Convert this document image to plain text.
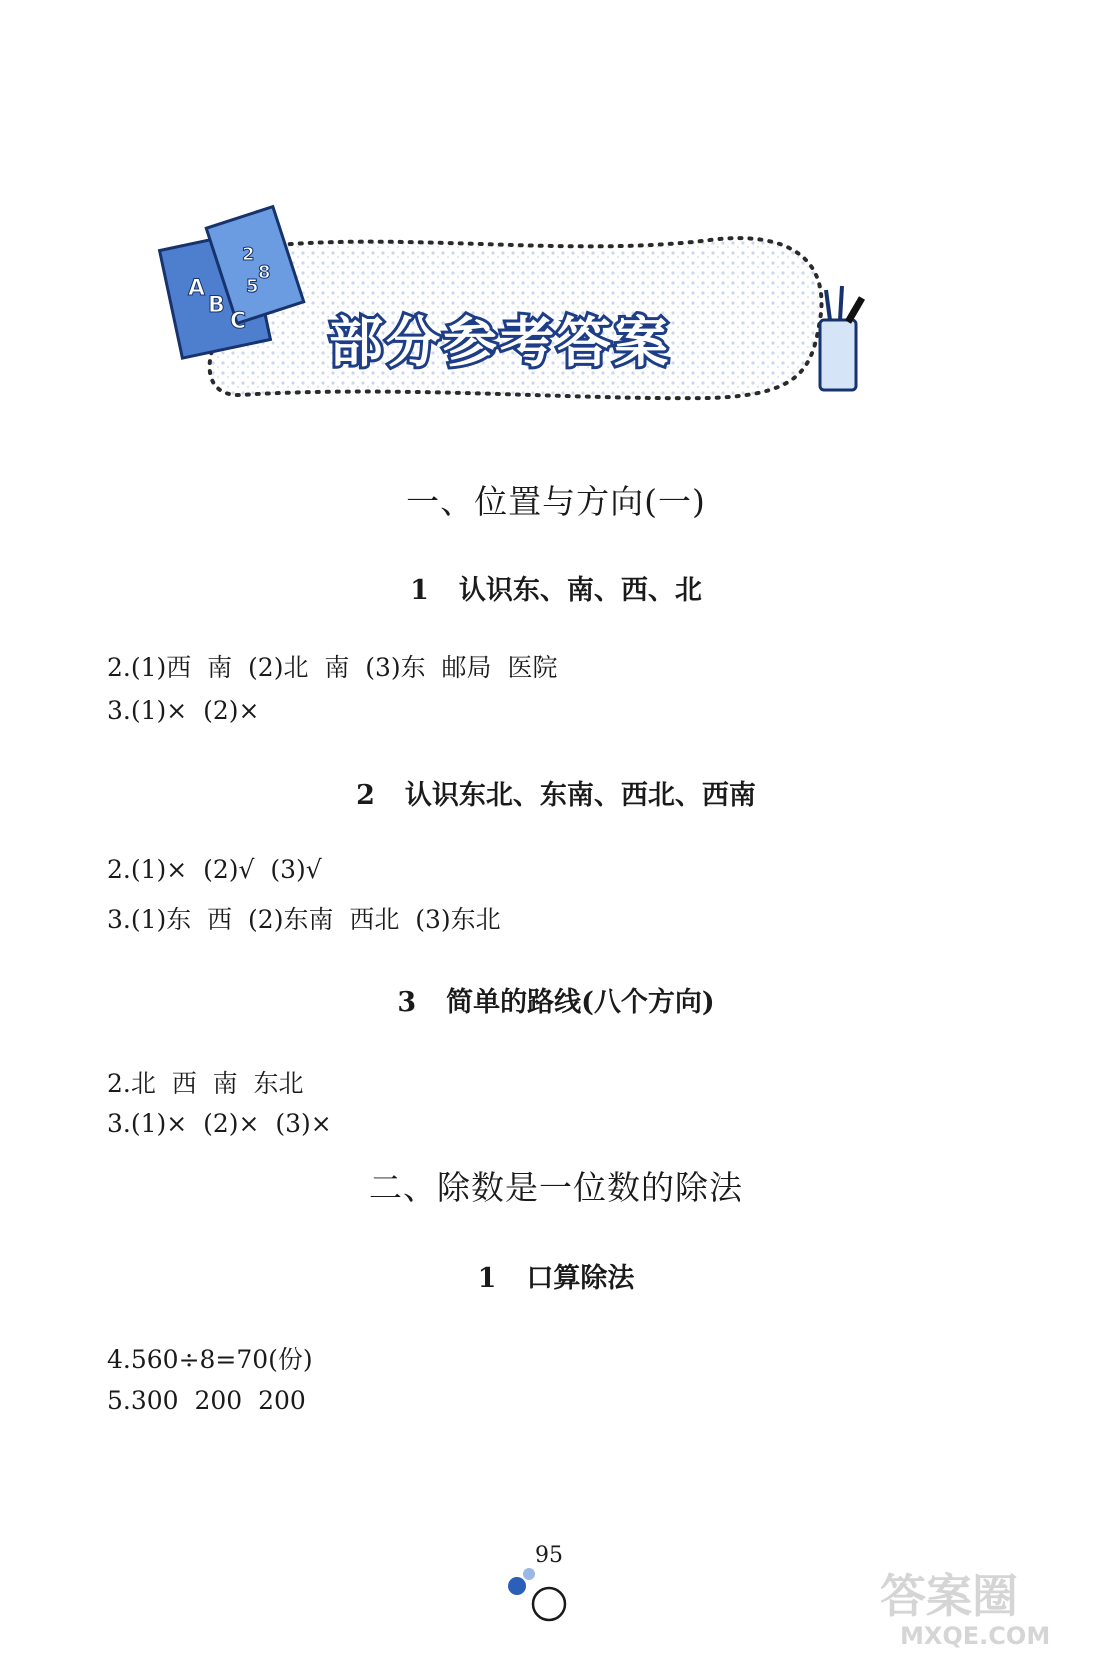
A
B
C
2
8
5
部分参考答案
一、位置与方向(一)
1 认识东、南、西、北
2.(1)西  南  (2)北  南  (3)东  邮局  医院
3.(1)×  (2)×
2 认识东北、东南、西北、西南
2.(1)×  (2)√  (3)√
3.(1)东  西  (2)东南  西北  (3)东北
3 简单的路线(八个方向)
2.北  西  南  东北
3.(1)×  (2)×  (3)×
二、除数是一位数的除法
1 口算除法
4.560÷8=70(份)
5.300  200  200
95
答案圈
MXQE.COM
